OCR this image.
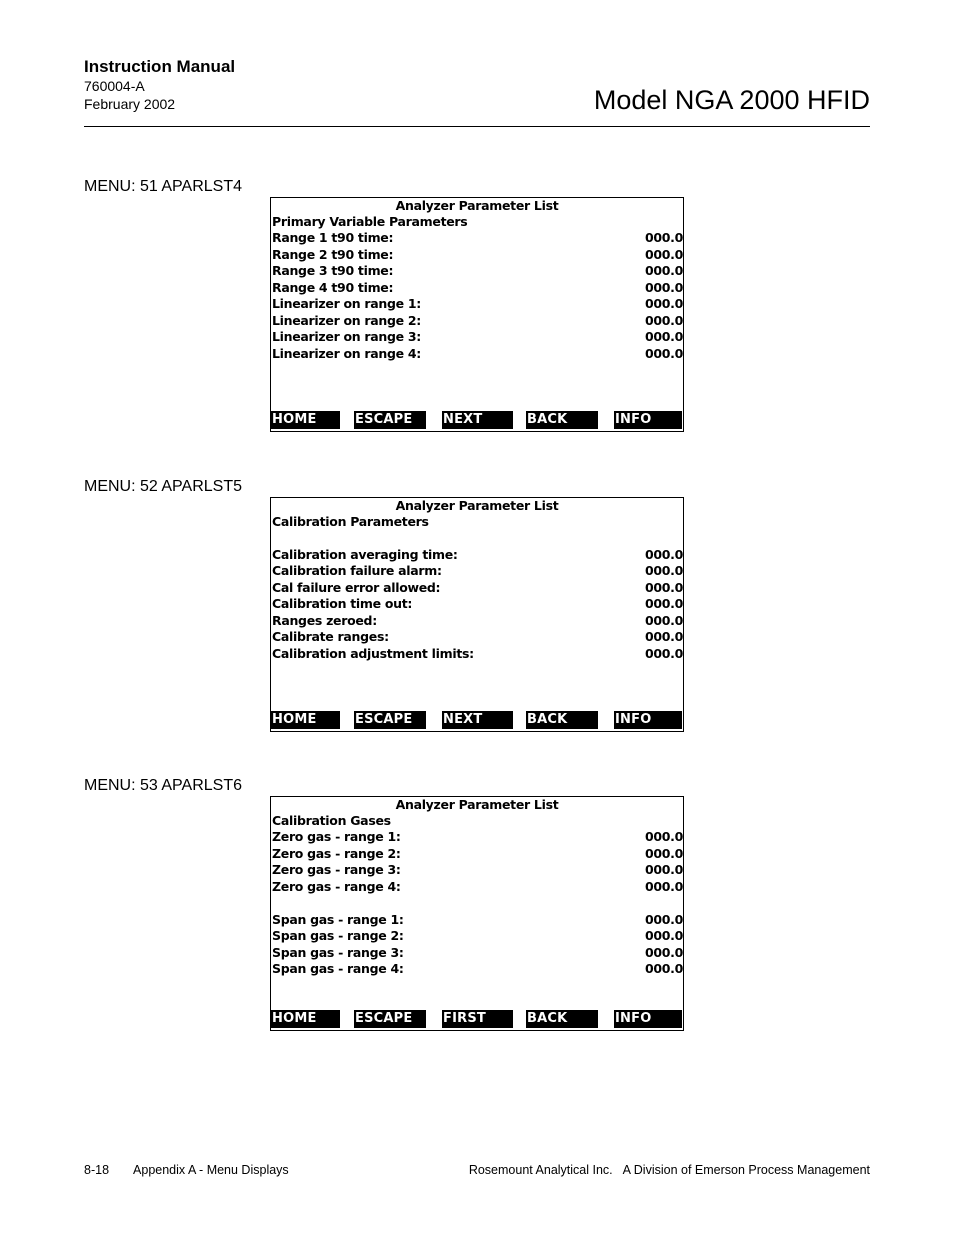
Instruction Manual
760004-A
February 2002	Model NGA 2000 HFID
MENU: 51 APARLST4
Analyzer Parameter List
Primary Variable Parameters
Range 1 t90 time:	000.0
Range 2 t90 time:	000.0
Range 3 t90 time:	000.0
Range 4 t90 time:	000.0
Linearizer on range 1:	000.0
Linearizer on range 2:	000.0
Linearizer on range 3:	000.0
Linearizer on range 4:	000.0
HOME	ESCAPE	NEXT	BACK	INFO
MENU: 52 APARLST5
Analyzer Parameter List
Calibration Parameters
Calibration averaging time:	000.0
Calibration failure alarm:	000.0
Cal failure error allowed:	000.0
Calibration time out:	000.0
Ranges zeroed:	000.0
Calibrate ranges:	000.0
Calibration adjustment limits:	000.0
HOME	ESCAPE	NEXT	BACK	INFO
MENU: 53 APARLST6
Analyzer Parameter List
Calibration Gases
Zero gas - range 1:	000.0
Zero gas - range 2:	000.0
Zero gas - range 3:	000.0
Zero gas - range 4:	000.0
Span gas - range 1:	000.0
Span gas - range 2:	000.0
Span gas - range 3:	000.0
Span gas - range 4:	000.0
HOME	ESCAPE	FIRST	BACK	INFO
8-18 Appendix A - Menu Displays	Rosemount Analytical Inc. A Division of Emerson Process Management
